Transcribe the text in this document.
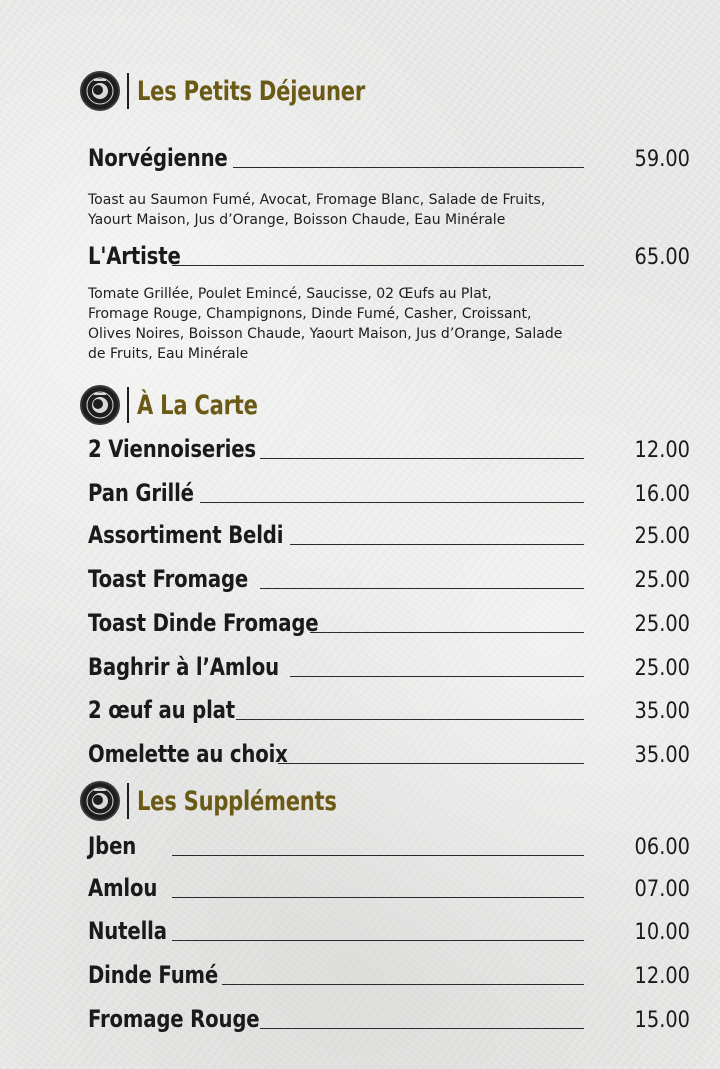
Les Petits Déjeuner
Norvégienne	59.00
Toast au Saumon Fumé, Avocat, Fromage Blanc, Salade de Fruits,
Yaourt Maison, Jus d’Orange, Boisson Chaude, Eau Minérale
L'Artiste	65.00
Tomate Grillée, Poulet Emincé, Saucisse, 02 Œufs au Plat,
Fromage Rouge, Champignons, Dinde Fumé, Casher, Croissant,
Olives Noires, Boisson Chaude, Yaourt Maison, Jus d’Orange, Salade
de Fruits, Eau Minérale
À La Carte
2 Viennoiseries	12.00
Pan Grillé	16.00
Assortiment Beldi	25.00
Toast Fromage	25.00
Toast Dinde Fromage	25.00
Baghrir à l’Amlou	25.00
2 œuf au plat	35.00
Omelette au choix	35.00
Les Suppléments
Jben	06.00
Amlou	07.00
Nutella	10.00
Dinde Fumé	12.00
Fromage Rouge	15.00
